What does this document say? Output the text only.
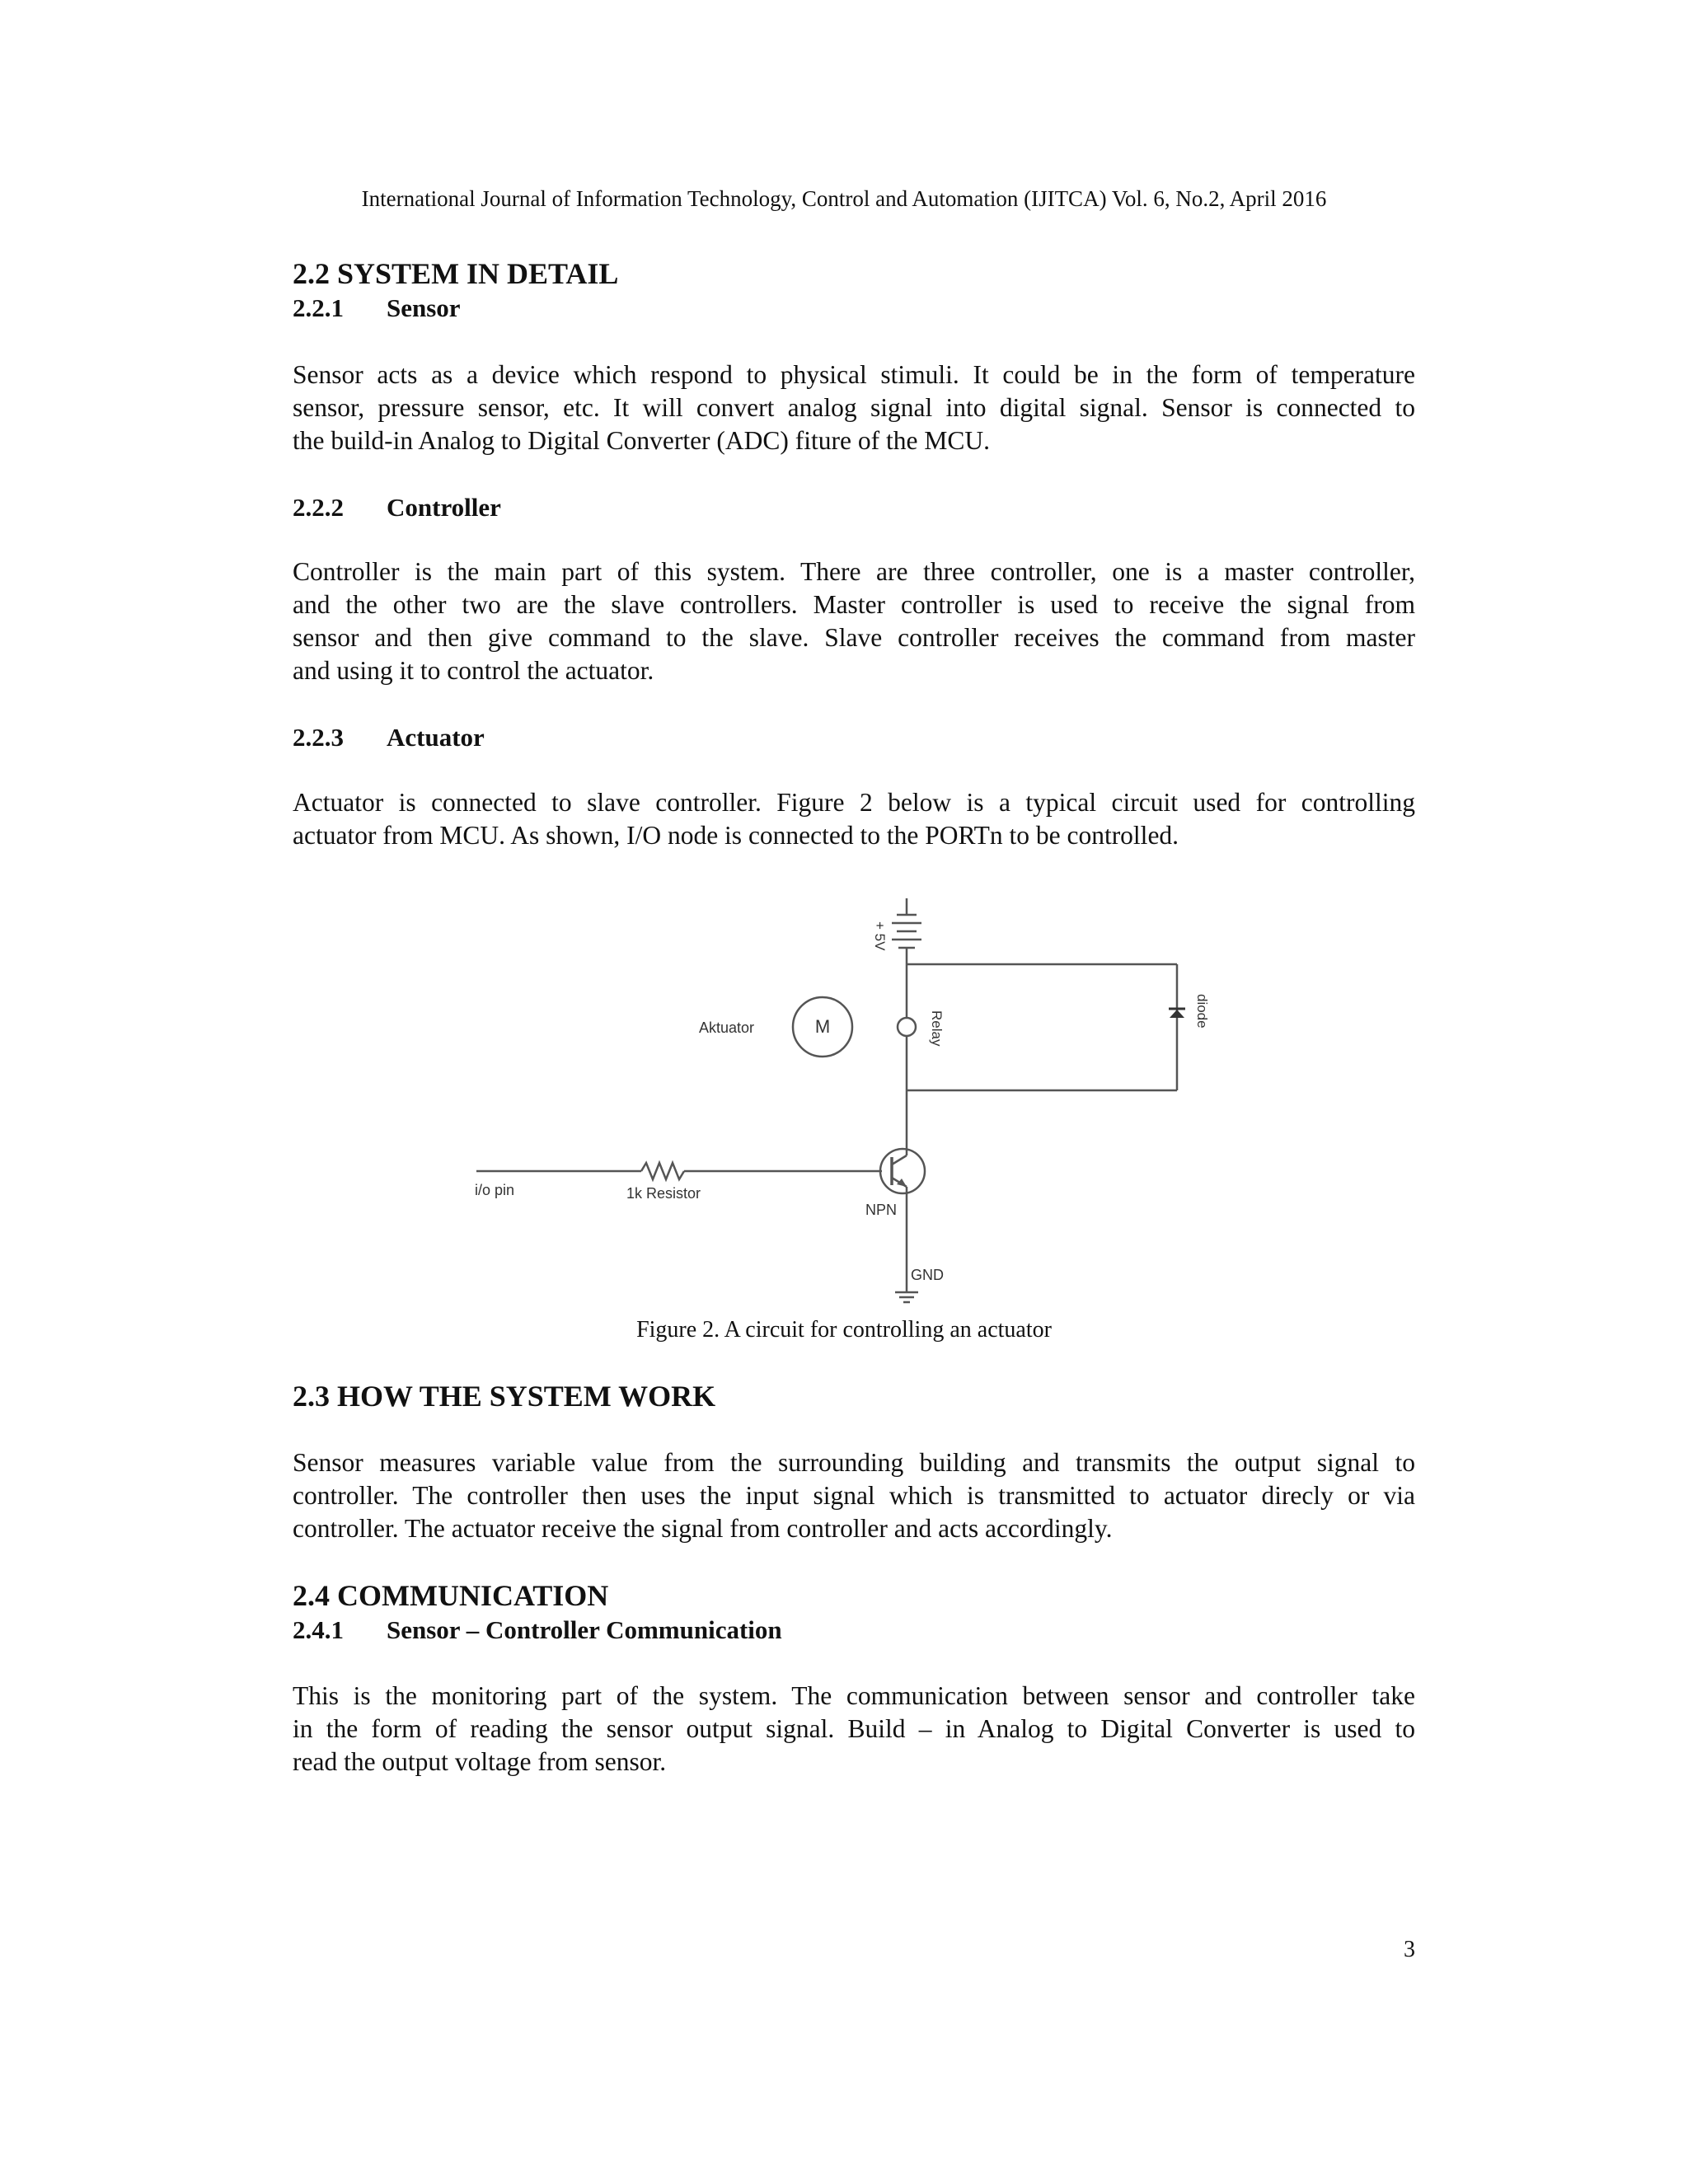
International Journal of Information Technology, Control and Automation (IJITCA) Vol. 6, No.2, April 2016
2.2 SYSTEM IN DETAIL
2.2.1 Sensor
Sensor acts as a device which respond to physical stimuli. It could be in the form of temperature
sensor, pressure sensor, etc. It will convert analog signal into digital signal. Sensor is connected to
the build-in Analog to Digital Converter (ADC) fiture of the MCU.
2.2.2 Controller
Controller is the main part of this system. There are three controller, one is a master controller,
and the other two are the slave controllers. Master controller is used to receive the signal from
sensor and then give command to the slave. Slave controller receives the command from master
and using it to control the actuator.
2.2.3 Actuator
Actuator is connected to slave controller. Figure 2 below is a typical circuit used for controlling
actuator from MCU. As shown, I/O node is connected to the PORTn to be controlled.
+ 5V
Aktuator	M	Relay	diode
i/o pin	1k Resistor
NPN
GND
Figure 2. A circuit for controlling an actuator
2.3 HOW THE SYSTEM WORK
Sensor measures variable value from the surrounding building and transmits the output signal to
controller. The controller then uses the input signal which is transmitted to actuator direcly or via
controller. The actuator receive the signal from controller and acts accordingly.
2.4 COMMUNICATION
2.4.1 Sensor – Controller Communication
This is the monitoring part of the system. The communication between sensor and controller take
in the form of reading the sensor output signal. Build – in Analog to Digital Converter is used to
read the output voltage from sensor.
3
